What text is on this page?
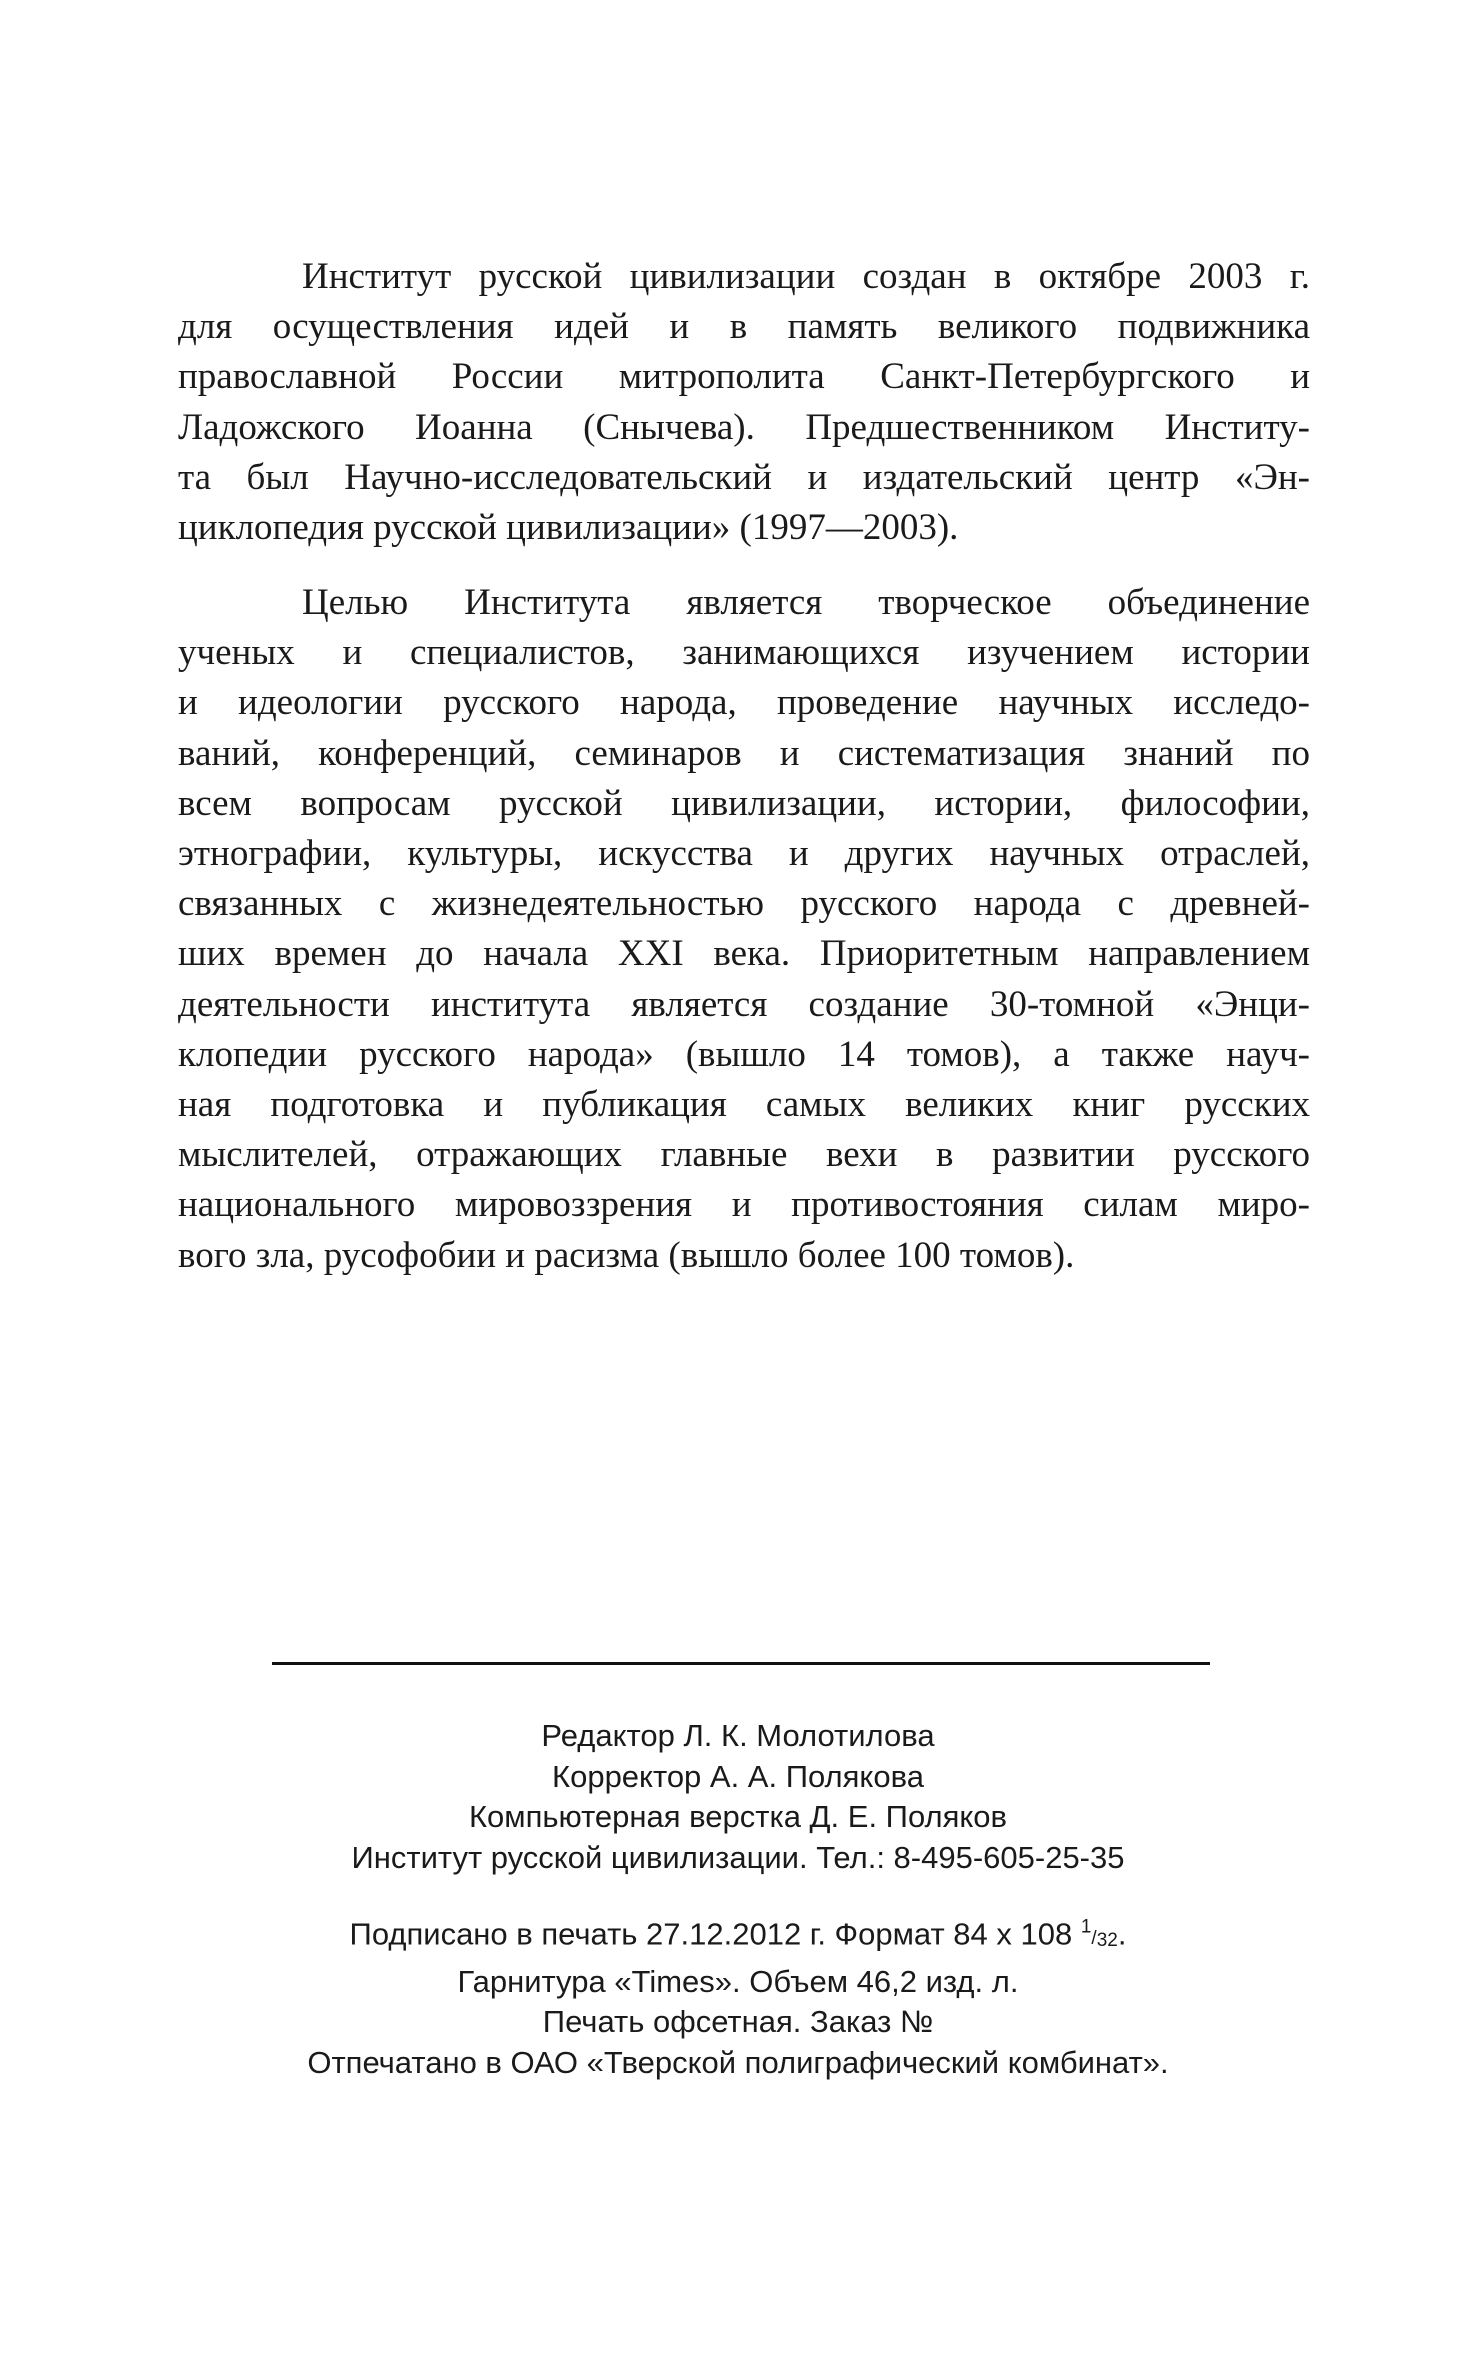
Институт русской цивилизации создан в октябре 2003 г.
для осуществления идей и в память великого подвижника
православной России митрополита Санкт-Петербургского и
Ладожского Иоанна (Снычева). Предшественником Институ-
та был Научно-исследовательский и издательский центр «Эн-
циклопедия русской цивилизации» (1997—2003).
Целью Института является творческое объединение
ученых и специалистов, занимающихся изучением истории
и идеологии русского народа, проведение научных исследо-
ваний, конференций, семинаров и систематизация знаний по
всем вопросам русской цивилизации, истории, философии,
этнографии, культуры, искусства и других научных отраслей,
связанных с жизнедеятельностью русского народа с древней-
ших времен до начала XXI века. Приоритетным направлением
деятельности института является создание 30-томной «Энци-
клопедии русского народа» (вышло 14 томов), а также науч-
ная подготовка и публикация самых великих книг русских
мыслителей, отражающих главные вехи в развитии русского
национального мировоззрения и противостояния силам миро-
вого зла, русофобии и расизма (вышло более 100 томов).
Редактор Л. К. Молотилова
Корректор А. А. Полякова
Компьютерная верстка Д. Е. Поляков
Институт русской цивилизации. Тел.: 8-495-605-25-35
Подписано в печать 27.12.2012 г. Формат 84 х 108 $^1/_{32}$.
Гарнитура «Times». Объем 46,2 изд. л.
Печать офсетная. Заказ №
Отпечатано в ОАО «Тверской полиграфический комбинат».
